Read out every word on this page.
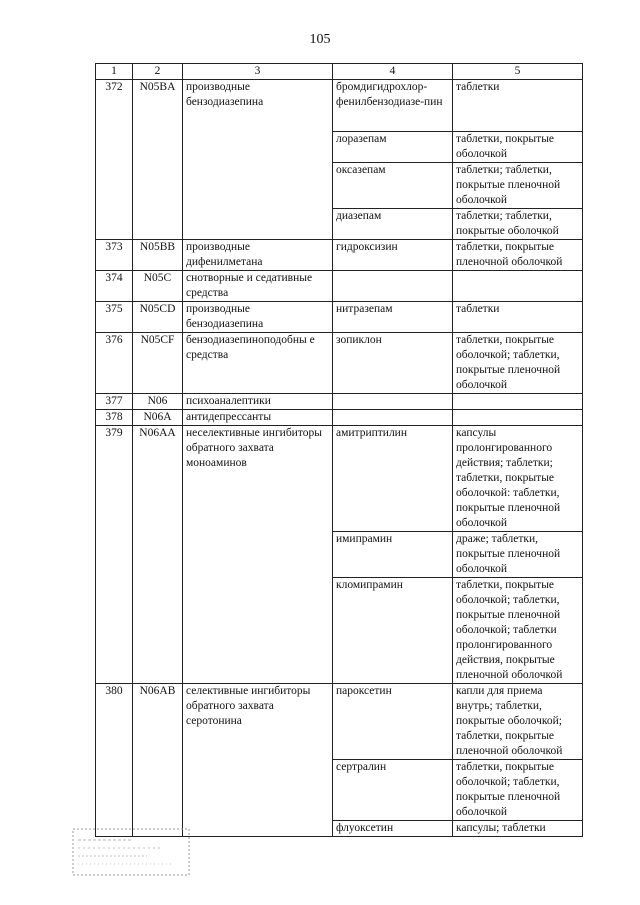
105
1	2	3	4	5
372	N05BA	производные бензодиазепина	бромдигидрохлор-фенилбензодиазе-пин	таблетки
			лоразепам	таблетки, покрытые оболочкой
			оксазепам	таблетки; таблетки, покрытые пленочной оболочкой
			диазепам	таблетки; таблетки, покрытые оболочкой
373	N05BB	производные дифенилметана	гидроксизин	таблетки, покрытые пленочной оболочкой
374	N05C	снотворные и седативные средства		
375	N05CD	производные бензодиазепина	нитразепам	таблетки
376	N05CF	бензодиазепиноподобны е средства	зопиклон	таблетки, покрытые оболочкой; таблетки, покрытые пленочной оболочкой
377	N06	психоаналептики		
378	N06A	антидепрессанты		
379	N06AA	неселективные ингибиторы обратного захвата моноаминов	амитриптилин	капсулы пролонгированного действия; таблетки; таблетки, покрытые оболочкой: таблетки, покрытые пленочной оболочкой
			имипрамин	драже; таблетки, покрытые пленочной оболочкой
			кломипрамин	таблетки, покрытые оболочкой; таблетки, покрытые пленочной оболочкой; таблетки пролонгированного действия, покрытые пленочной оболочкой
380	N06AB	селективные ингибиторы обратного захвата серотонина	пароксетин	капли для приема внутрь; таблетки, покрытые оболочкой; таблетки, покрытые пленочной оболочкой
			сертралин	таблетки, покрытые оболочкой; таблетки, покрытые пленочной оболочкой
			флуоксетин	капсулы; таблетки
